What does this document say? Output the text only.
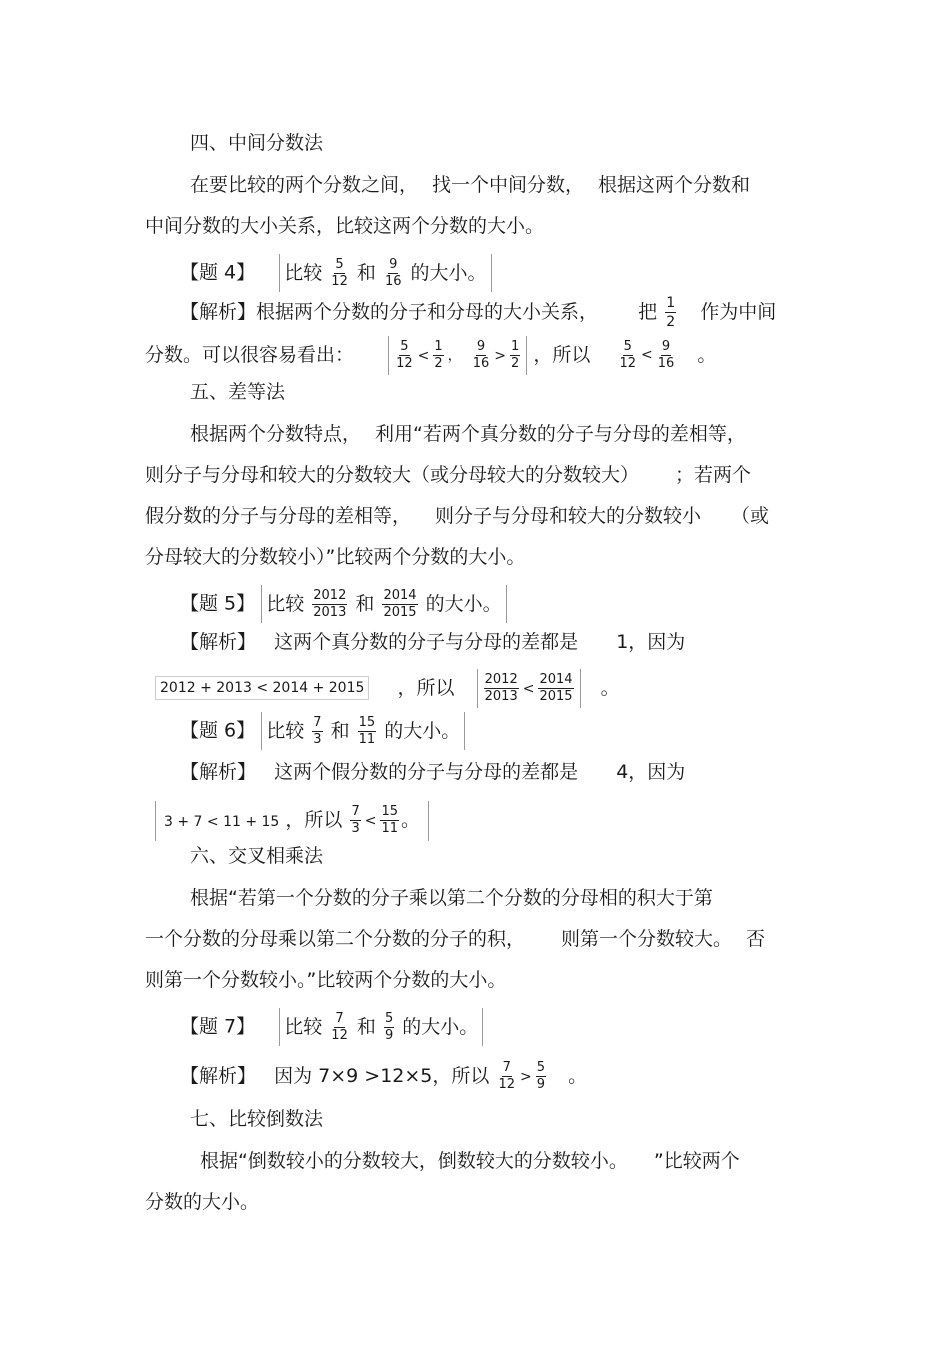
四、中间分数法
在要比较的两个分数之间， 找一个中间分数， 根据这两个分数和
中间分数的大小关系，比较这两个分数的大小。
【题 4】 比较 $\frac{5}{12}$ 和 $\frac{9}{16}$ 的大小。
【解析】根据两个分数的分子和分母的大小关系， 把 $\frac{1}{2}$ 作为中间
分数。可以很容易看出：	$\frac{5}{12} < \frac{1}{2}$ ， $\frac{9}{16} > \frac{1}{2}$ ，所以 $\frac{5}{12} < \frac{9}{16}$ 。
五、差等法
根据两个分数特点， 利用“若两个真分数的分子与分母的差相等，
则分子与分母和较大的分数较大（或分母较大的分数较大） ；若两个
假分数的分子与分母的差相等， 则分子与分母和较大的分数较小 （或
分母较大的分数较小）”比较两个分数的大小。
【题 5】 比较 $\frac{2012}{2013}$ 和 $\frac{2014}{2015}$ 的大小。
【解析】 这两个真分数的分子与分母的差都是 1，因为
2012 + 2013 < 2014 + 2015 ，所以 $\frac{2012}{2013} < \frac{2014}{2015}$ 。
【题 6】 比较 $\frac{7}{3}$ 和 $\frac{15}{11}$ 的大小。
【解析】 这两个假分数的分子与分母的差都是 4，因为
3 + 7 < 11 + 15 ，所以 $\frac{7}{3} < \frac{15}{11}$ 。
六、交叉相乘法
根据“若第一个分数的分子乘以第二个分数的分母相的积大于第
一个分数的分母乘以第二个分数的分子的积， 则第一个分数较大。 否
则第一个分数较小。”比较两个分数的大小。
【题 7】 比较 $\frac{7}{12}$ 和 $\frac{5}{9}$ 的大小。
【解析】 因为 7×9 >12×5，所以 $\frac{7}{12} > \frac{5}{9}$ 。
七、比较倒数法
根据“倒数较小的分数较大，倒数较大的分数较小。 ”比较两个
分数的大小。
